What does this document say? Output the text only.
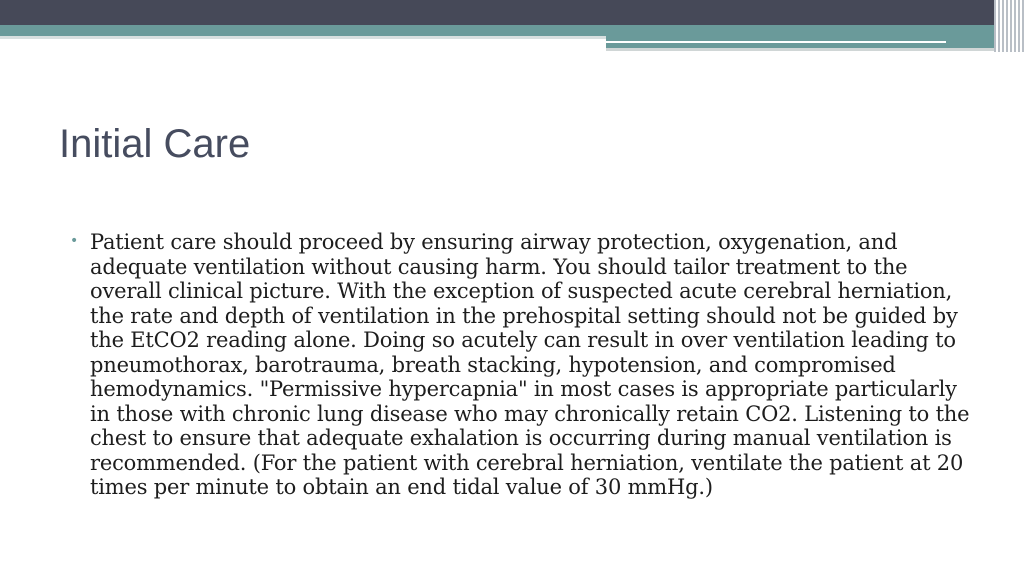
Initial Care
• Patient care should proceed by ensuring airway protection, oxygenation, and adequate ventilation without causing harm. You should tailor treatment to the overall clinical picture. With the exception of suspected acute cerebral herniation, the rate and depth of ventilation in the prehospital setting should not be guided by the EtCO2 reading alone. Doing so acutely can result in over ventilation leading to pneumothorax, barotrauma, breath stacking, hypotension, and compromised hemodynamics. "Permissive hypercapnia" in most cases is appropriate particularly in those with chronic lung disease who may chronically retain CO2. Listening to the chest to ensure that adequate exhalation is occurring during manual ventilation is recommended. (For the patient with cerebral herniation, ventilate the patient at 20 times per minute to obtain an end tidal value of 30 mmHg.)
